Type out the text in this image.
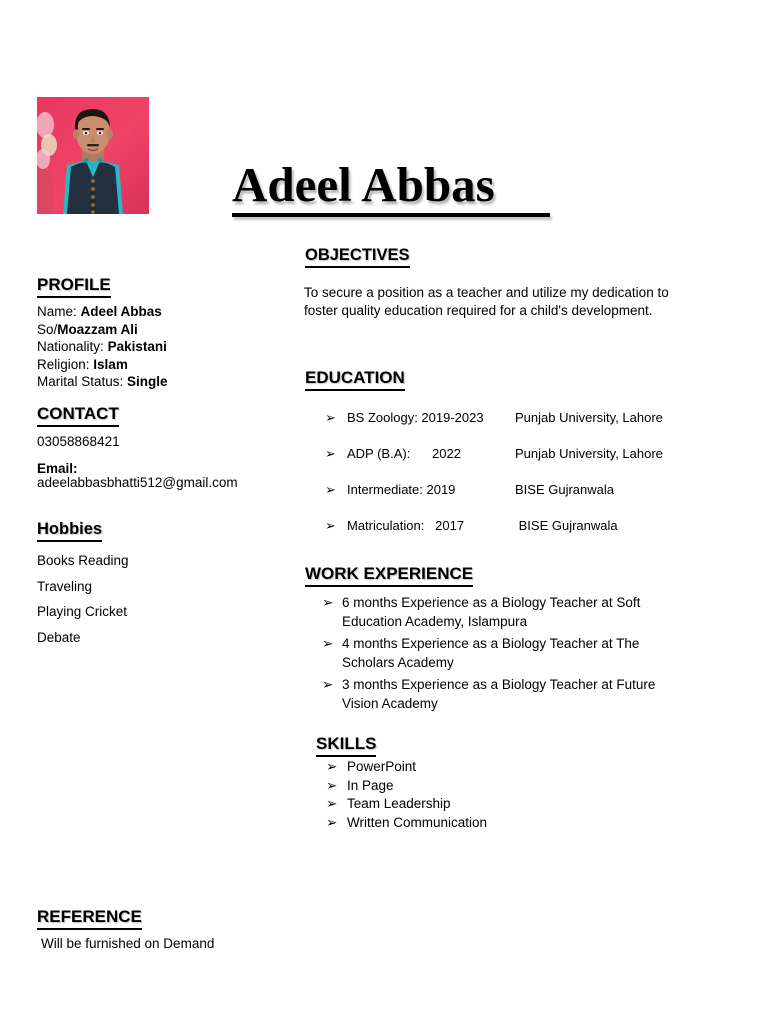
Adeel Abbas
PROFILE
Name: Adeel Abbas
So/Moazzam Ali
Nationality: Pakistani
Religion: Islam
Marital Status: Single
CONTACT
03058868421
Email:
adeelabbasbhatti512@gmail.com
Hobbies
Books Reading
Traveling
Playing Cricket
Debate
REFERENCE
Will be furnished on Demand
OBJECTIVES
To secure a position as a teacher and utilize my dedication to foster quality education required for a child's development.
EDUCATION
➢ BS Zoology: 2019-2023	Punjab University, Lahore
➢ ADP (B.A):      2022	Punjab University, Lahore
➢ Intermediate: 2019	BISE Gujranwala
➢ Matriculation:   2017	BISE Gujranwala
WORK EXPERIENCE
➢ 6 months Experience as a Biology Teacher at Soft Education Academy, Islampura
➢ 4 months Experience as a Biology Teacher at The Scholars Academy
➢ 3 months Experience as a Biology Teacher at Future Vision Academy
SKILLS
➢ PowerPoint
➢ In Page
➢ Team Leadership
➢ Written Communication
